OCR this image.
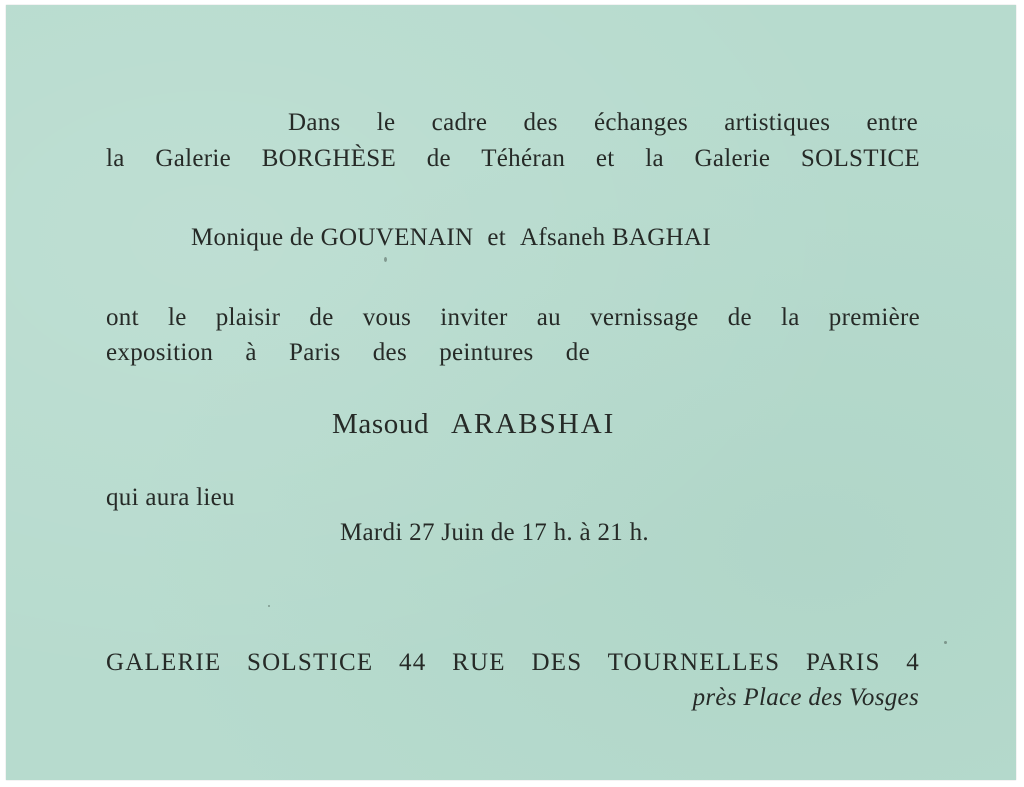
Dans le cadre des échanges artistiques entre
la Galerie BORGHÈSE de Téhéran et la Galerie SOLSTICE
Monique de GOUVENAIN et Afsaneh BAGHAI
ont le plaisir de vous inviter au vernissage de la première
exposition à Paris des peintures de
Masoud ARABSHAI
qui aura lieu
Mardi 27 Juin de 17 h. à 21 h.
GALERIE SOLSTICE 44 RUE DES TOURNELLES PARIS 4
près Place des Vosges
